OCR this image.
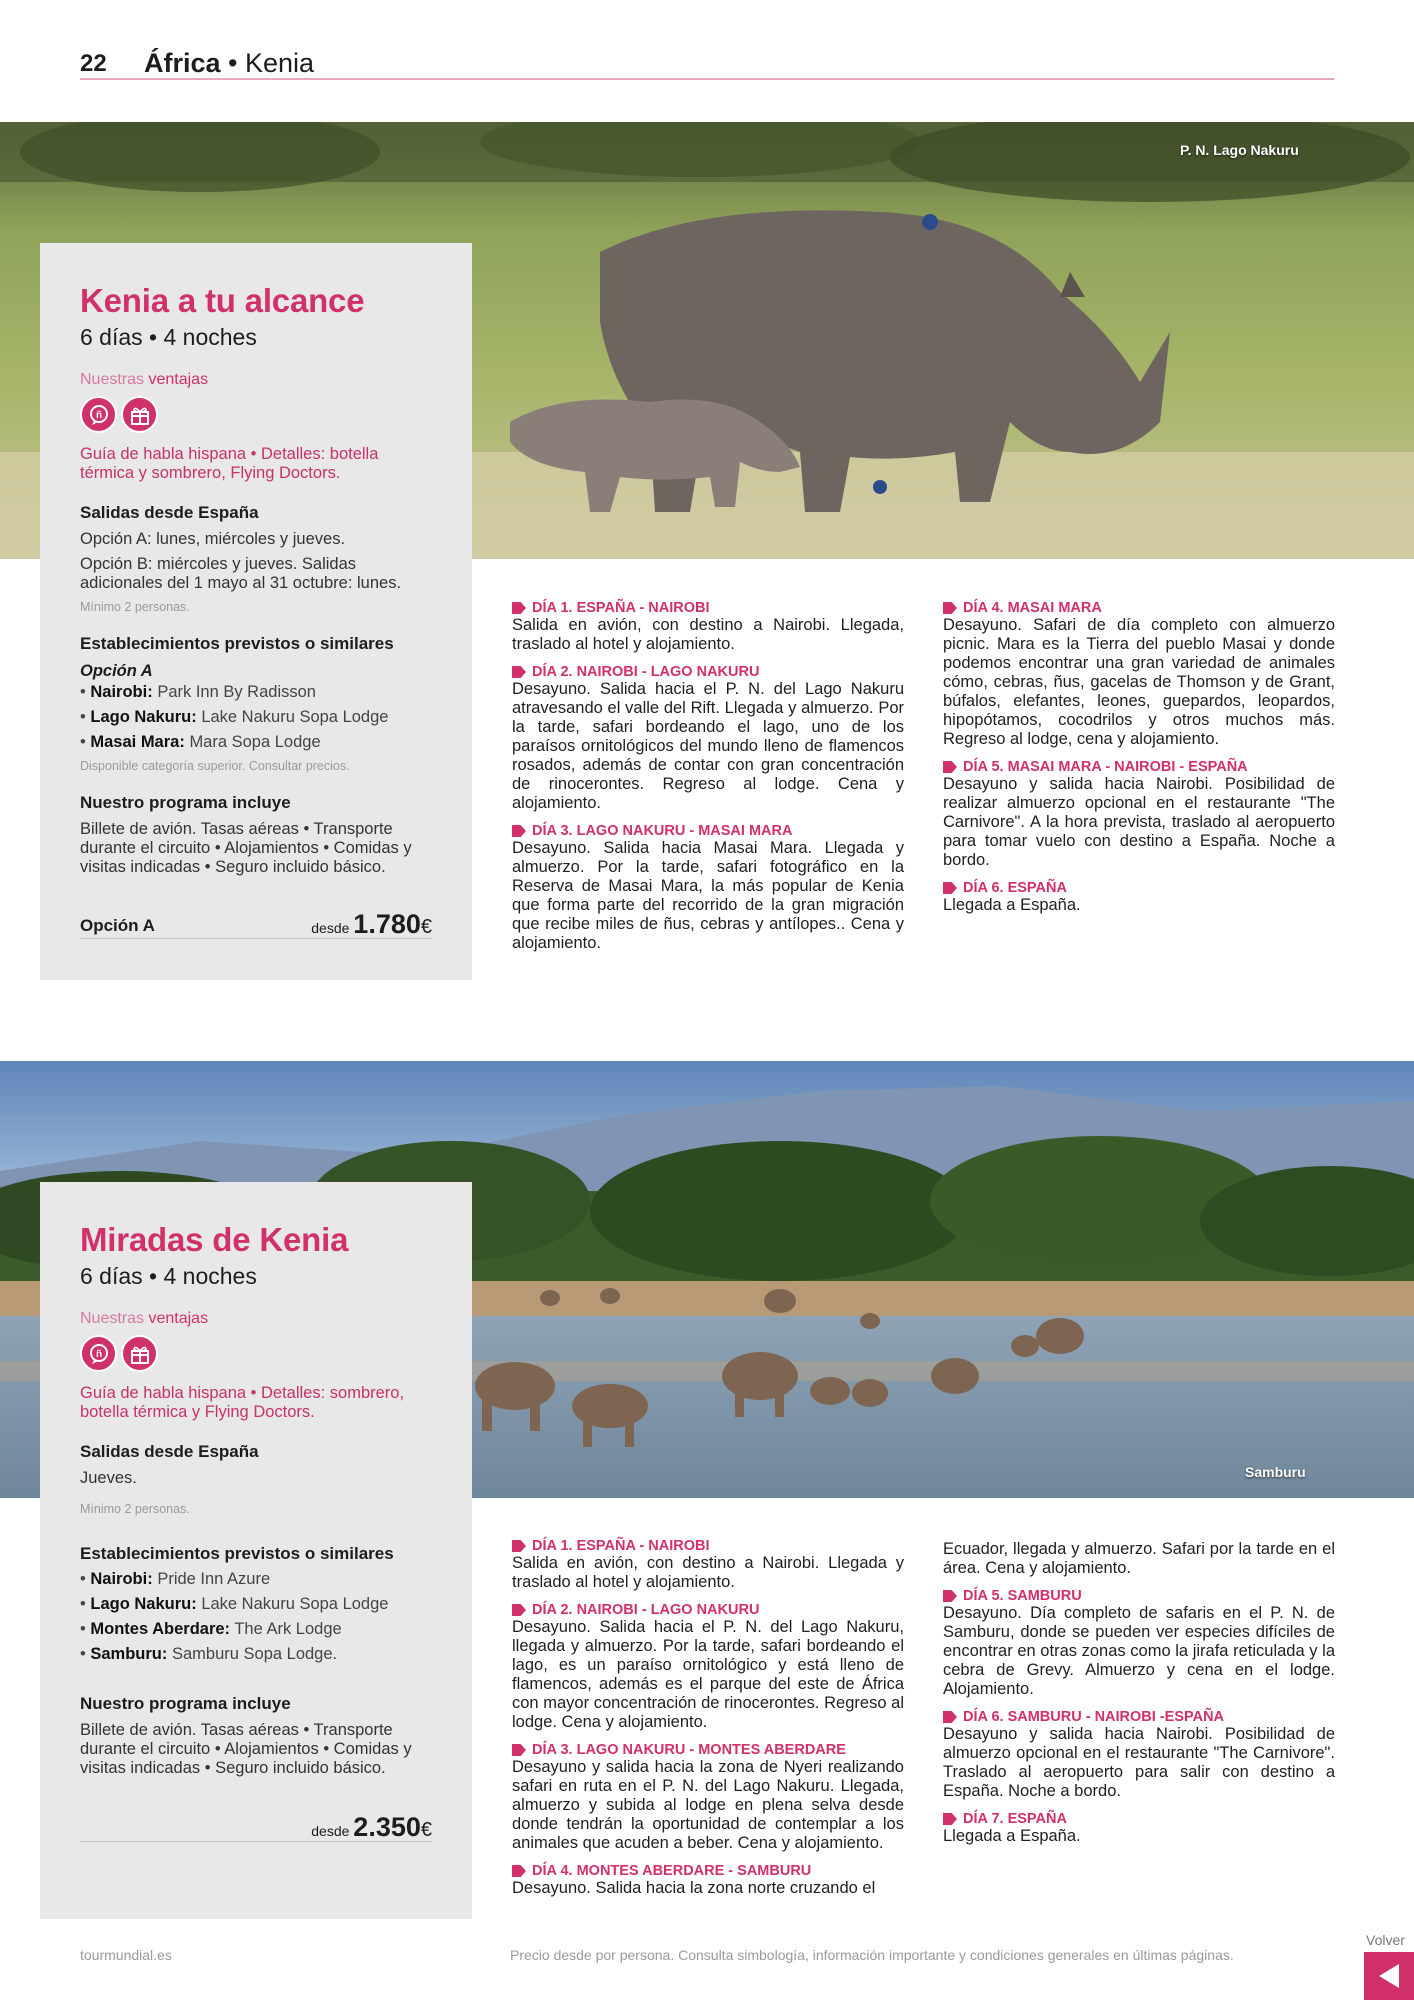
22 África • Kenia
P. N. Lago Nakuru
Kenia a tu alcance
6 días • 4 noches
Nuestras ventajas
ñ
Guía de habla hispana • Detalles: botella térmica y sombrero, Flying Doctors.
Salidas desde España
Opción A: lunes, miércoles y jueves.
Opción B: miércoles y jueves. Salidas adicionales del 1 mayo al 31 octubre: lunes.
Mínimo 2 personas.
Establecimientos previstos o similares
Opción A
• Nairobi: Park Inn By Radisson
• Lago Nakuru: Lake Nakuru Sopa Lodge
• Masai Mara: Mara Sopa Lodge
Disponible categoría superior. Consultar precios.
Nuestro programa incluye
Billete de avión. Tasas aéreas • Transporte durante el circuito • Alojamientos • Comidas y visitas indicadas • Seguro incluido básico.
Opción A	desde 1.780€
DÍA 1. ESPAÑA - NAIROBI
Salida en avión, con destino a Nairobi. Llegada, traslado al hotel y alojamiento.
DÍA 2. NAIROBI - LAGO NAKURU
Desayuno. Salida hacia el P. N. del Lago Nakuru atravesando el valle del Rift. Llegada y almuerzo. Por la tarde, safari bordeando el lago, uno de los paraísos ornitológicos del mundo lleno de flamencos rosados, además de contar con gran concentración de rinocerontes. Regreso al lodge. Cena y alojamiento.
DÍA 3. LAGO NAKURU - MASAI MARA
Desayuno. Salida hacia Masai Mara. Llegada y almuerzo. Por la tarde, safari fotográfico en la Reserva de Masai Mara, la más popular de Kenia que forma parte del recorrido de la gran migración que recibe miles de ñus, cebras y antílopes.. Cena y alojamiento.
DÍA 4. MASAI MARA
Desayuno. Safari de día completo con almuerzo picnic. Mara es la Tierra del pueblo Masai y donde podemos encontrar una gran variedad de animales cómo, cebras, ñus, gacelas de Thomson y de Grant, búfalos, elefantes, leones, guepardos, leopardos, hipopótamos, cocodrilos y otros muchos más. Regreso al lodge, cena y alojamiento.
DÍA 5. MASAI MARA - NAIROBI - ESPAÑA
Desayuno y salida hacia Nairobi. Posibilidad de realizar almuerzo opcional en el restaurante "The Carnivore". A la hora prevista, traslado al aeropuerto para tomar vuelo con destino a España. Noche a bordo.
DÍA 6. ESPAÑA
Llegada a España.
Samburu
Miradas de Kenia
6 días • 4 noches
Nuestras ventajas
ñ
Guía de habla hispana • Detalles: sombrero, botella térmica y Flying Doctors.
Salidas desde España
Jueves.
Mínimo 2 personas.
Establecimientos previstos o similares
• Nairobi: Pride Inn Azure
• Lago Nakuru: Lake Nakuru Sopa Lodge
• Montes Aberdare: The Ark Lodge
• Samburu: Samburu Sopa Lodge.
Nuestro programa incluye
Billete de avión. Tasas aéreas • Transporte durante el circuito • Alojamientos • Comidas y visitas indicadas • Seguro incluido básico.
desde 2.350€
DÍA 1. ESPAÑA - NAIROBI
Salida en avión, con destino a Nairobi. Llegada y traslado al hotel y alojamiento.
DÍA 2. NAIROBI - LAGO NAKURU
Desayuno. Salida hacia el P. N. del Lago Nakuru, llegada y almuerzo. Por la tarde, safari bordeando el lago, es un paraíso ornitológico y está lleno de flamencos, además es el parque del este de África con mayor concentración de rinocerontes. Regreso al lodge. Cena y alojamiento.
DÍA 3. LAGO NAKURU - MONTES ABERDARE
Desayuno y salida hacia la zona de Nyeri realizando safari en ruta en el P. N. del Lago Nakuru. Llegada, almuerzo y subida al lodge en plena selva desde donde tendrán la oportunidad de contemplar a los animales que acuden a beber. Cena y alojamiento.
DÍA 4. MONTES ABERDARE - SAMBURU
Desayuno. Salida hacia la zona norte cruzando el
Ecuador, llegada y almuerzo. Safari por la tarde en el área. Cena y alojamiento.
DÍA 5. SAMBURU
Desayuno. Día completo de safaris en el P. N. de Samburu, donde se pueden ver especies difíciles de encontrar en otras zonas como la jirafa reticulada y la cebra de Grevy. Almuerzo y cena en el lodge. Alojamiento.
DÍA 6. SAMBURU - NAIROBI -ESPAÑA
Desayuno y salida hacia Nairobi. Posibilidad de almuerzo opcional en el restaurante "The Carnivore". Traslado al aeropuerto para salir con destino a España. Noche a bordo.
DÍA 7. ESPAÑA
Llegada a España.
tourmundial.es	Precio desde por persona. Consulta simbología, información importante y condiciones generales en últimas páginas.
Volver
